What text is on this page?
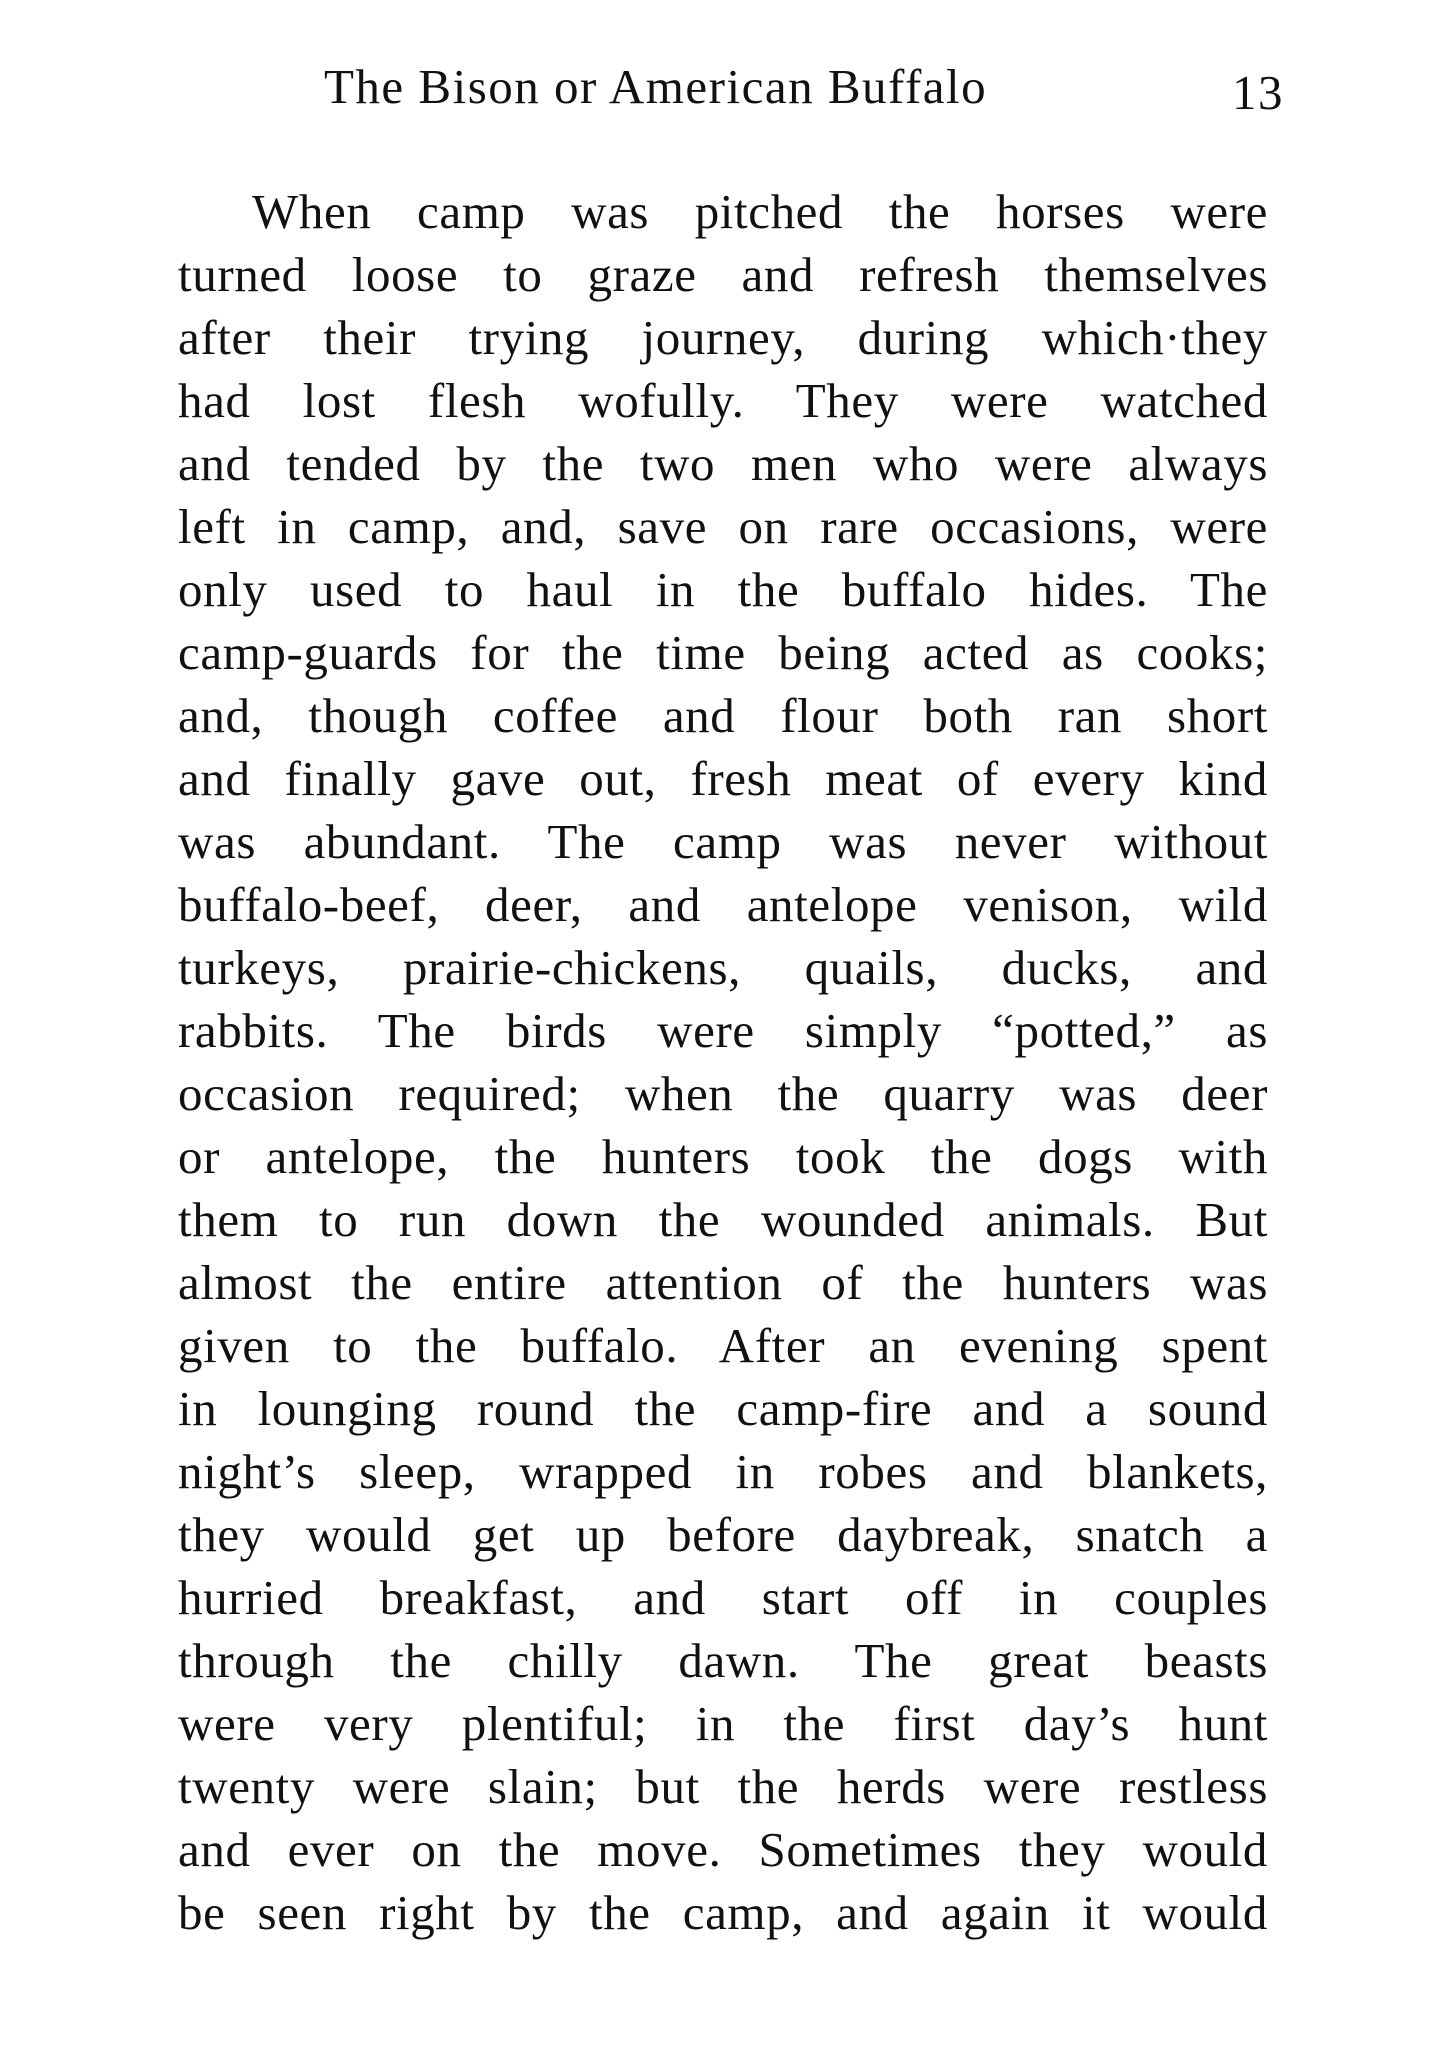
The Bison or American Buffalo	13
When camp was pitched the horses were
turned loose to graze and refresh themselves
after their trying journey, during which·they
had lost flesh wofully. They were watched
and tended by the two men who were always
left in camp, and, save on rare occasions, were
only used to haul in the buffalo hides. The
camp-guards for the time being acted as cooks;
and, though coffee and flour both ran short
and finally gave out, fresh meat of every kind
was abundant. The camp was never without
buffalo-beef, deer, and antelope venison, wild
turkeys, prairie-chickens, quails, ducks, and
rabbits. The birds were simply “potted,” as
occasion required; when the quarry was deer
or antelope, the hunters took the dogs with
them to run down the wounded animals. But
almost the entire attention of the hunters was
given to the buffalo. After an evening spent
in lounging round the camp-fire and a sound
night’s sleep, wrapped in robes and blankets,
they would get up before daybreak, snatch a
hurried breakfast, and start off in couples
through the chilly dawn. The great beasts
were very plentiful; in the first day’s hunt
twenty were slain; but the herds were restless
and ever on the move. Sometimes they would
be seen right by the camp, and again it would
